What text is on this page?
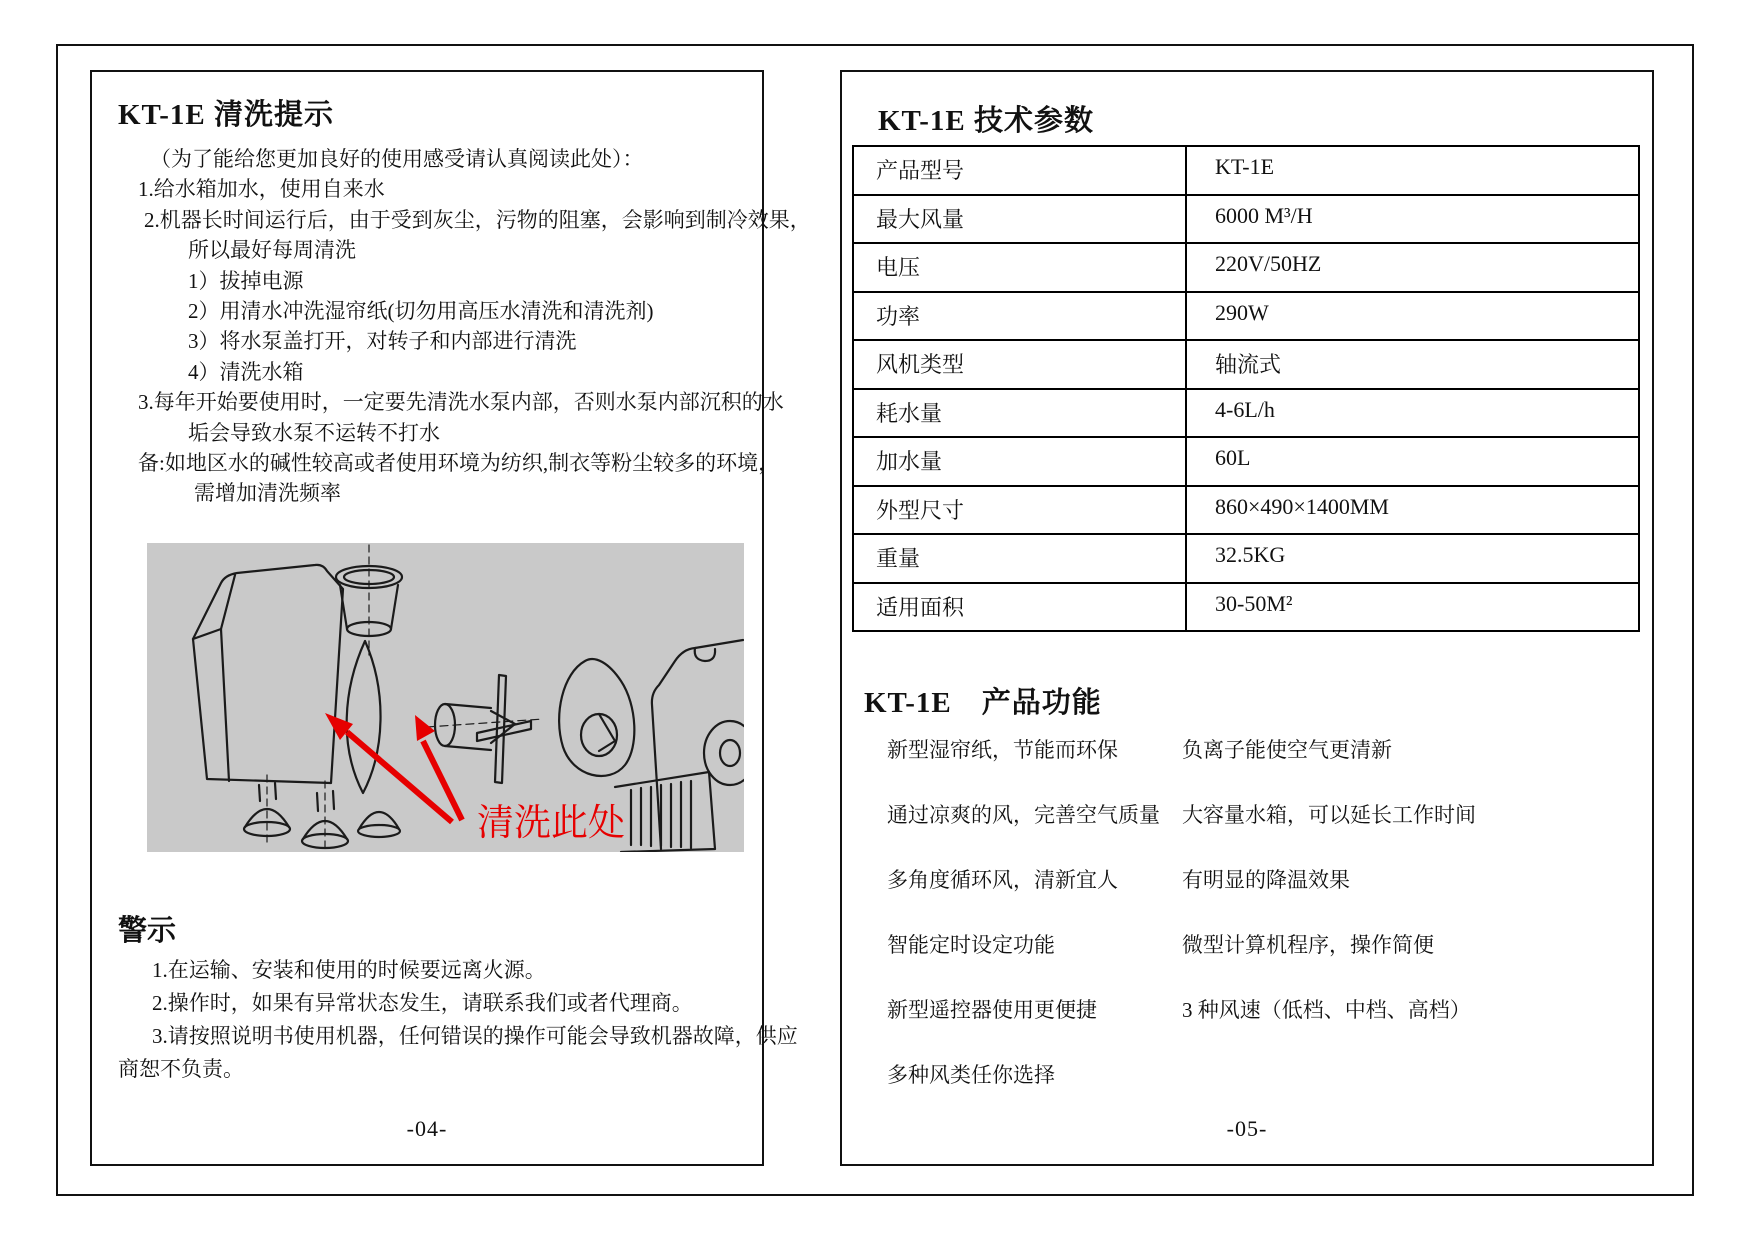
KT-1E 清洗提示
（为了能给您更加良好的使用感受请认真阅读此处）：
1.给水箱加水，使用自来水
2.机器长时间运行后，由于受到灰尘，污物的阻塞，会影响到制冷效果，
所以最好每周清洗
1）拔掉电源
2）用清水冲洗湿帘纸(切勿用高压水清洗和清洗剂)
3）将水泵盖打开，对转子和内部进行清洗
4）清洗水箱
3.每年开始要使用时，一定要先清洗水泵内部，否则水泵内部沉积的水
垢会导致水泵不运转不打水
备:如地区水的碱性较高或者使用环境为纺织,制衣等粉尘较多的环境，
需增加清洗频率
清洗此处
警示
1.在运输、安装和使用的时候要远离火源。
2.操作时，如果有异常状态发生，请联系我们或者代理商。
3.请按照说明书使用机器，任何错误的操作可能会导致机器故障，供应
商恕不负责。
-04-
KT-1E 技术参数
产品型号	KT-1E
最大风量	6000 M³/H
电压	220V/50HZ
功率	290W
风机类型	轴流式
耗水量	4-6L/h
加水量	60L
外型尺寸	860×490×1400MM
重量	32.5KG
适用面积	30-50M²
KT-1E　产品功能
新型湿帘纸，节能而环保	负离子能使空气更清新
通过凉爽的风，完善空气质量	大容量水箱，可以延长工作时间
多角度循环风，清新宜人	有明显的降温效果
智能定时设定功能	微型计算机程序，操作简便
新型遥控器使用更便捷	3 种风速（低档、中档、高档）
多种风类任你选择
-05-
